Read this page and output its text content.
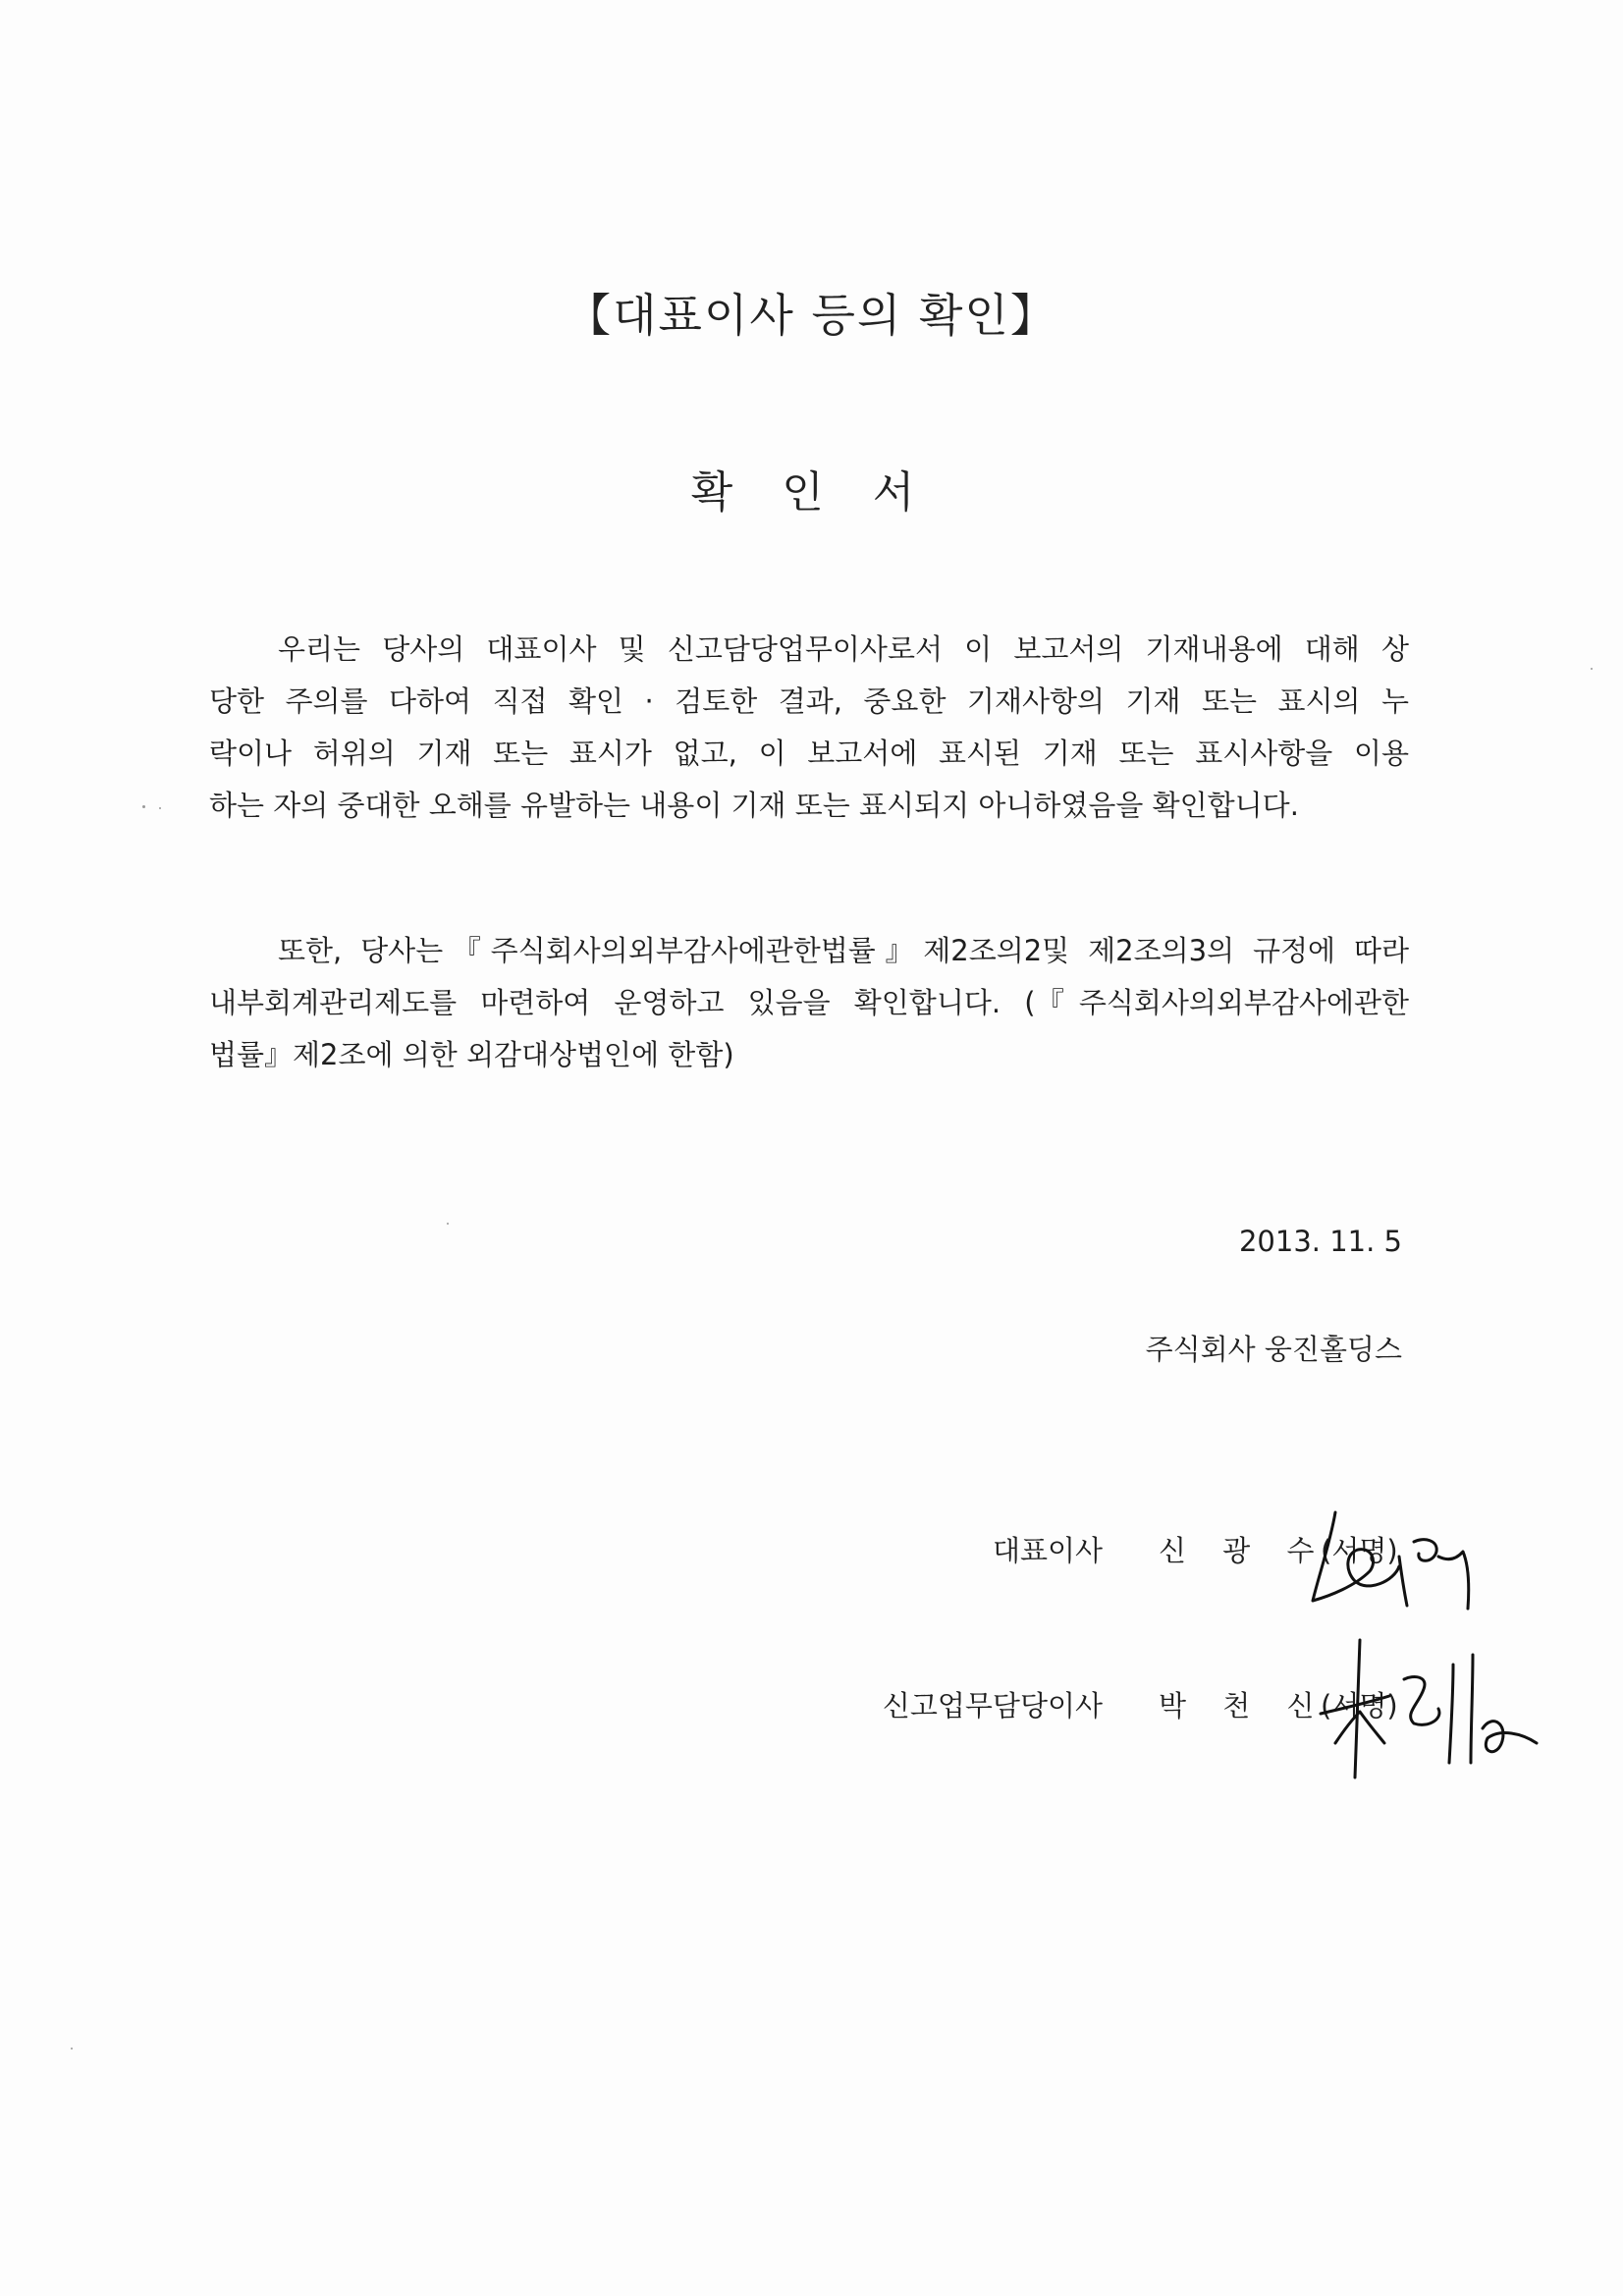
【대표이사 등의 확인】
확 인 서
우리는 당사의 대표이사 및 신고담당업무이사로서 이 보고서의 기재내용에 대해 상
당한 주의를 다하여 직접 확인 · 검토한 결과, 중요한 기재사항의 기재 또는 표시의 누
락이나 허위의 기재 또는 표시가 없고, 이 보고서에 표시된 기재 또는 표시사항을 이용
하는 자의 중대한 오해를 유발하는 내용이 기재 또는 표시되지 아니하였음을 확인합니다.
또한, 당사는『주식회사의외부감사에관한법률』제2조의2및 제2조의3의 규정에 따라
내부회계관리제도를 마련하여 운영하고 있음을 확인합니다. (『주식회사의외부감사에관한
법률』제2조에 의한 외감대상법인에 한함)
2013. 11. 5
주식회사 웅진홀딩스
대표이사 신 광 수
(서명)
신고업무담당이사 박 천 신
(서명)
